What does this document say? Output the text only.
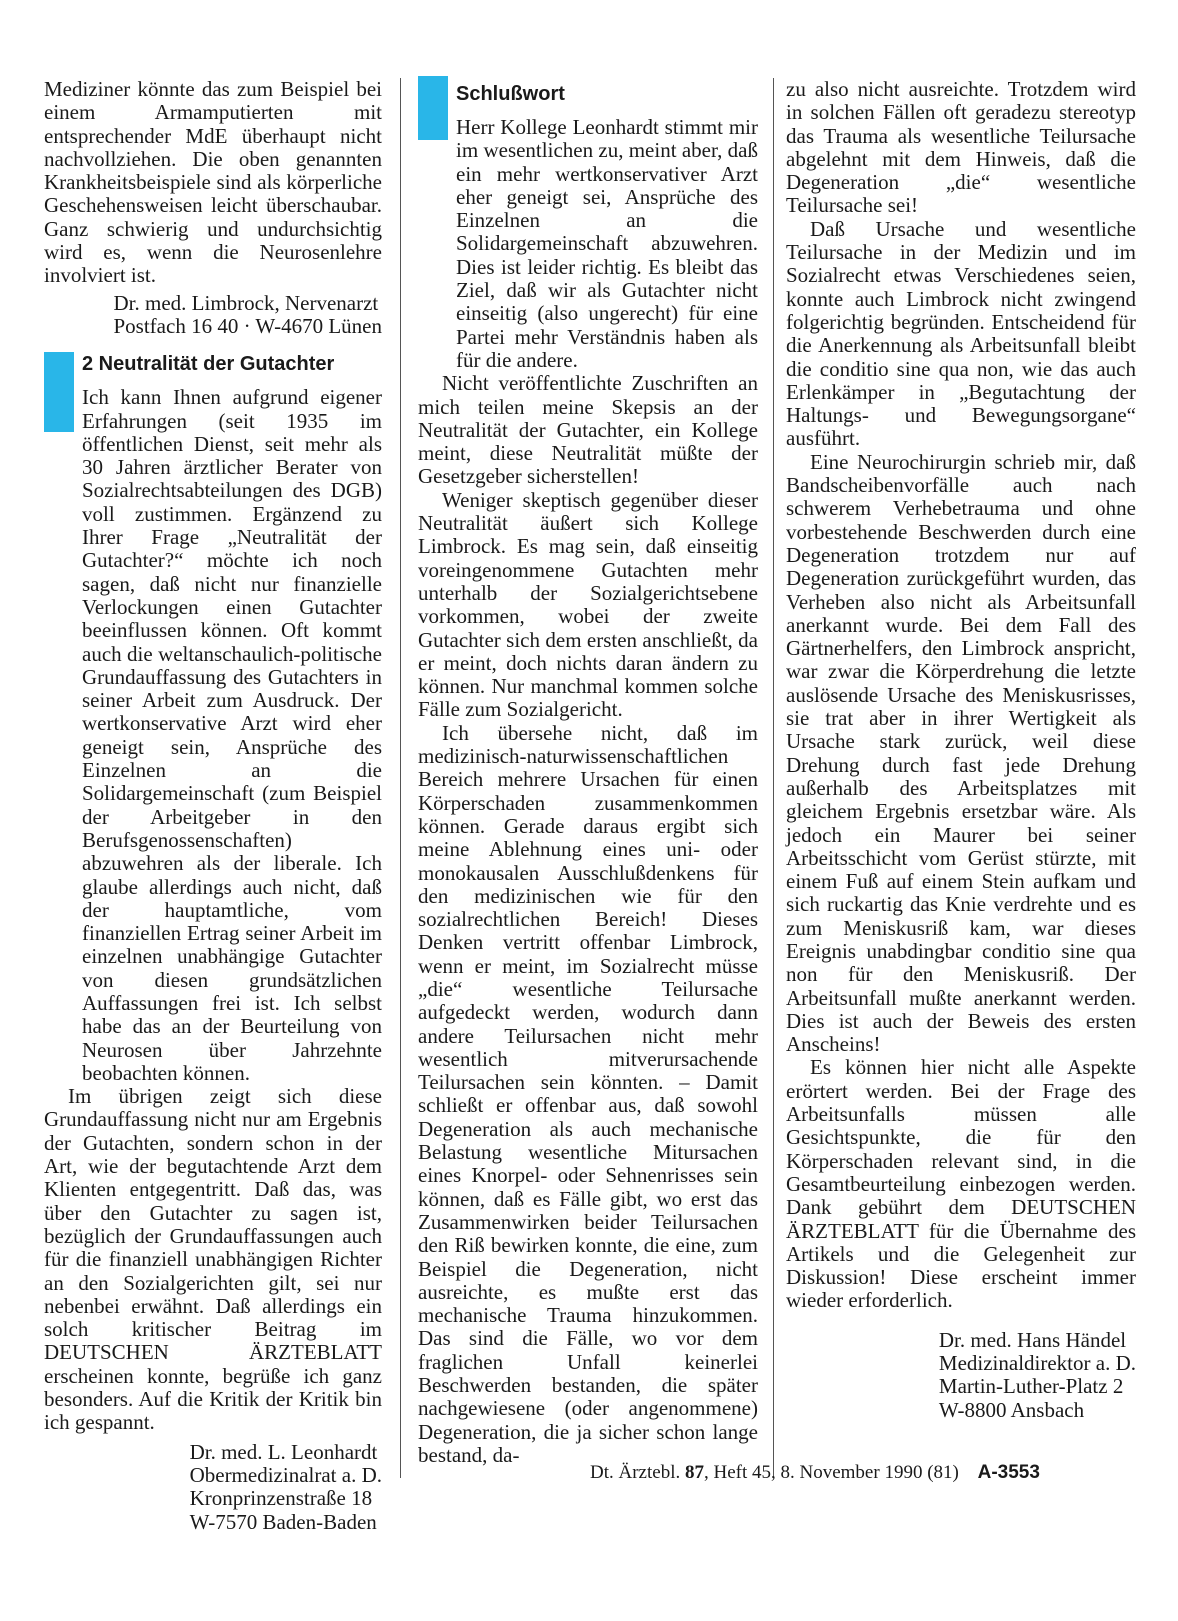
Mediziner könnte das zum Beispiel bei einem Armamputierten mit entsprechender MdE überhaupt nicht nachvollziehen. Die oben genannten Krankheitsbeispiele sind als körperliche Geschehensweisen leicht überschaubar. Ganz schwierig und undurchsichtig wird es, wenn die Neurosenlehre involviert ist.

Dr. med. Limbrock, Nervenarzt
Postfach 16 40 · W-4670 Lünen
2 Neutralität der Gutachter

Ich kann Ihnen aufgrund eigener Erfahrungen (seit 1935 im öffentlichen Dienst, seit mehr als 30 Jahren ärztlicher Berater von Sozialrechtsabteilungen des DGB) voll zustimmen. Ergänzend zu Ihrer Frage „Neutralität der Gutachter?“ möchte ich noch sagen, daß nicht nur finanzielle Verlockungen einen Gutachter beeinflussen können. Oft kommt auch die weltanschaulich-politische Grundauffassung des Gutachters in seiner Arbeit zum Ausdruck. Der wertkonservative Arzt wird eher geneigt sein, Ansprüche des Einzelnen an die Solidargemeinschaft (zum Beispiel der Arbeitgeber in den Berufsgenossenschaften) abzuwehren als der liberale. Ich glaube allerdings auch nicht, daß der hauptamtliche, vom finanziellen Ertrag seiner Arbeit im einzelnen unabhängige Gutachter von diesen grundsätzlichen Auffassungen frei ist. Ich selbst habe das an der Beurteilung von Neurosen über Jahrzehnte beobachten können.

Im übrigen zeigt sich diese Grundauffassung nicht nur am Ergebnis der Gutachten, sondern schon in der Art, wie der begutachtende Arzt dem Klienten entgegentritt. Daß das, was über den Gutachter zu sagen ist, bezüglich der Grundauffassungen auch für die finanziell unabhängigen Richter an den Sozialgerichten gilt, sei nur nebenbei erwähnt. Daß allerdings ein solch kritischer Beitrag im DEUTSCHEN ÄRZTEBLATT erscheinen konnte, begrüße ich ganz besonders. Auf die Kritik der Kritik bin ich gespannt.

Dr. med. L. Leonhardt
Obermedizinalrat a. D.
Kronprinzenstraße 18
W-7570 Baden-Baden
Schlußwort

Herr Kollege Leonhardt stimmt mir im wesentlichen zu, meint aber, daß ein mehr wertkonservativer Arzt eher geneigt sei, Ansprüche des Einzelnen an die Solidargemeinschaft abzuwehren. Dies ist leider richtig. Es bleibt das Ziel, daß wir als Gutachter nicht einseitig (also ungerecht) für eine Partei mehr Verständnis haben als für die andere.

Nicht veröffentlichte Zuschriften an mich teilen meine Skepsis an der Neutralität der Gutachter, ein Kollege meint, diese Neutralität müßte der Gesetzgeber sicherstellen!

Weniger skeptisch gegenüber dieser Neutralität äußert sich Kollege Limbrock. Es mag sein, daß einseitig voreingenommene Gutachten mehr unterhalb der Sozialgerichtsebene vorkommen, wobei der zweite Gutachter sich dem ersten anschließt, da er meint, doch nichts daran ändern zu können. Nur manchmal kommen solche Fälle zum Sozialgericht.

Ich übersehe nicht, daß im medizinisch-naturwissenschaftlichen Bereich mehrere Ursachen für einen Körperschaden zusammenkommen können. Gerade daraus ergibt sich meine Ablehnung eines uni- oder monokausalen Ausschlußdenkens für den medizinischen wie für den sozialrechtlichen Bereich! Dieses Denken vertritt offenbar Limbrock, wenn er meint, im Sozialrecht müsse „die“ wesentliche Teilursache aufgedeckt werden, wodurch dann andere Teilursachen nicht mehr wesentlich mitverursachende Teilursachen sein könnten. – Damit schließt er offenbar aus, daß sowohl Degeneration als auch mechanische Belastung wesentliche Mitursachen eines Knorpel- oder Sehnenrisses sein können, daß es Fälle gibt, wo erst das Zusammenwirken beider Teilursachen den Riß bewirken konnte, die eine, zum Beispiel die Degeneration, nicht ausreichte, es mußte erst das mechanische Trauma hinzukommen. Das sind die Fälle, wo vor dem fraglichen Unfall keinerlei Beschwerden bestanden, die später nachgewiesene (oder angenommene) Degeneration, die ja sicher schon lange bestand, da-

zu also nicht ausreichte. Trotzdem wird in solchen Fällen oft geradezu stereotyp das Trauma als wesentliche Teilursache abgelehnt mit dem Hinweis, daß die Degeneration „die“ wesentliche Teilursache sei!

Daß Ursache und wesentliche Teilursache in der Medizin und im Sozialrecht etwas Verschiedenes seien, konnte auch Limbrock nicht zwingend folgerichtig begründen. Entscheidend für die Anerkennung als Arbeitsunfall bleibt die conditio sine qua non, wie das auch Erlenkämper in „Begutachtung der Haltungs- und Bewegungsorgane“ ausführt.

Eine Neurochirurgin schrieb mir, daß Bandscheibenvorfälle auch nach schwerem Verhebetrauma und ohne vorbestehende Beschwerden durch eine Degeneration trotzdem nur auf Degeneration zurückgeführt wurden, das Verheben also nicht als Arbeitsunfall anerkannt wurde. Bei dem Fall des Gärtnerhelfers, den Limbrock anspricht, war zwar die Körperdrehung die letzte auslösende Ursache des Meniskusrisses, sie trat aber in ihrer Wertigkeit als Ursache stark zurück, weil diese Drehung durch fast jede Drehung außerhalb des Arbeitsplatzes mit gleichem Ergebnis ersetzbar wäre. Als jedoch ein Maurer bei seiner Arbeitsschicht vom Gerüst stürzte, mit einem Fuß auf einem Stein aufkam und sich ruckartig das Knie verdrehte und es zum Meniskusriß kam, war dieses Ereignis unabdingbar conditio sine qua non für den Meniskusriß. Der Arbeitsunfall mußte anerkannt werden. Dies ist auch der Beweis des ersten Anscheins!

Es können hier nicht alle Aspekte erörtert werden. Bei der Frage des Arbeitsunfalls müssen alle Gesichtspunkte, die für den Körperschaden relevant sind, in die Gesamtbeurteilung einbezogen werden. Dank gebührt dem DEUTSCHEN ÄRZTEBLATT für die Übernahme des Artikels und die Gelegenheit zur Diskussion! Diese erscheint immer wieder erforderlich.

Dr. med. Hans Händel
Medizinaldirektor a. D.
Martin-Luther-Platz 2
W-8800 Ansbach
Dt. Ärztebl. 87, Heft 45, 8. November 1990 (81) A-3553
